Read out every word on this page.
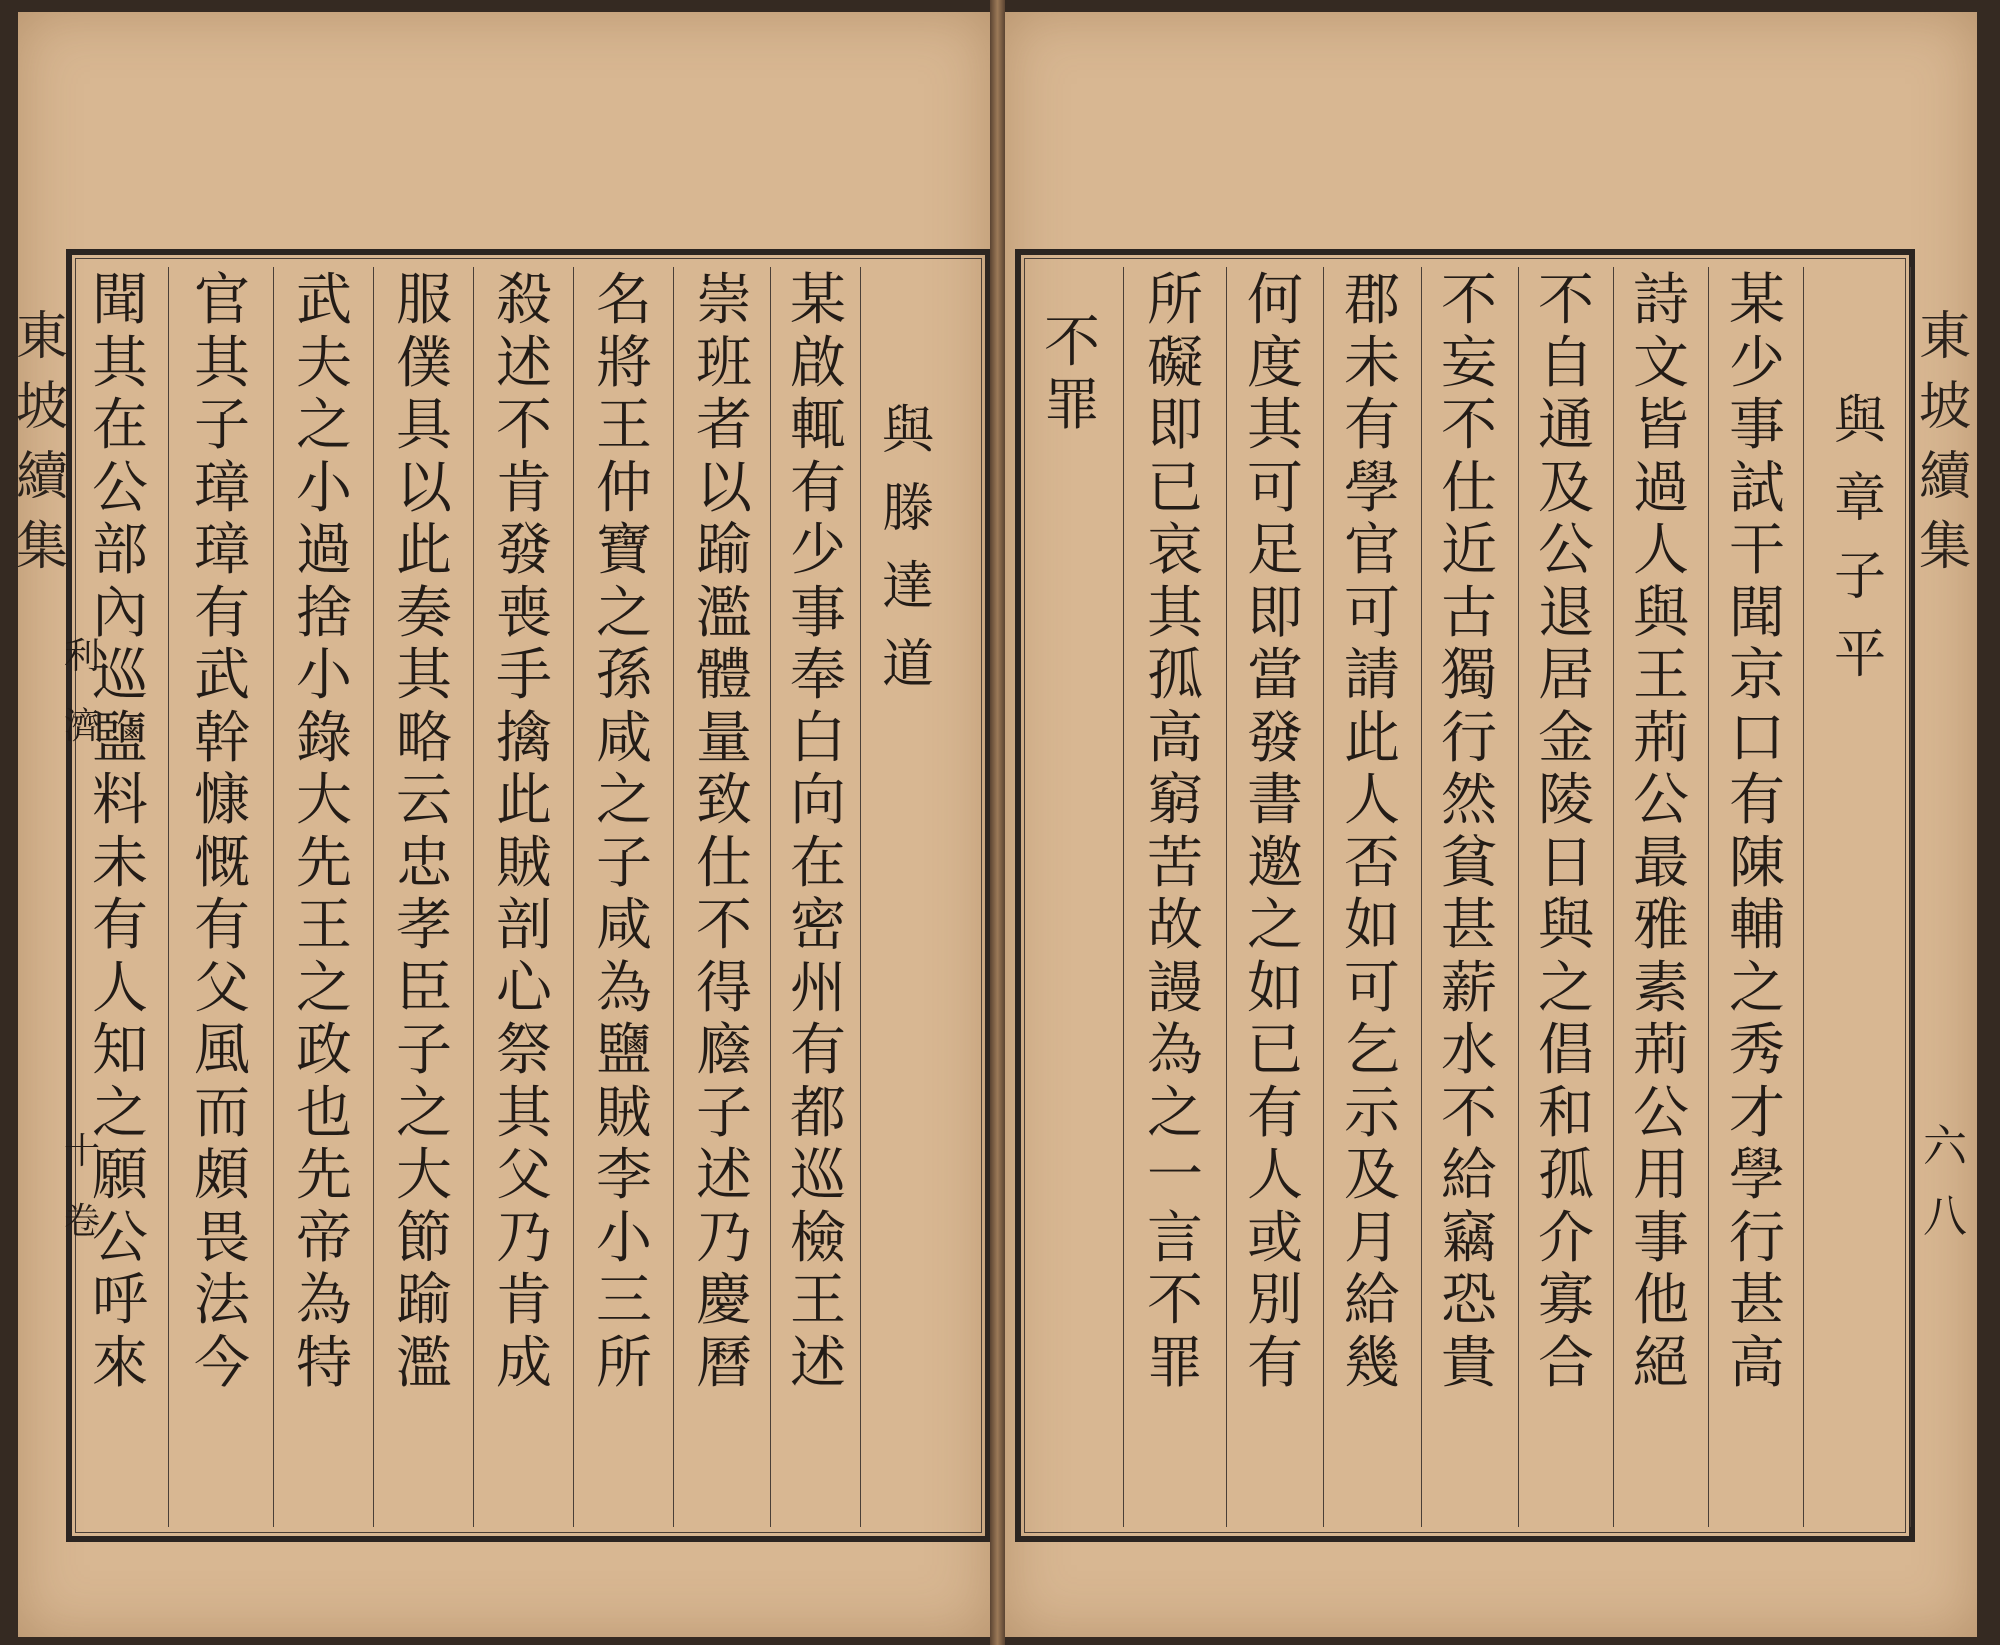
東
坡
續
集
利
濟
十
卷
與
滕
達
道
某
啟
輒
有
少
事
奉
白
向
在
密
州
有
都
巡
檢
王
述
崇
班
者
以
踰
濫
體
量
致
仕
不
得
廕
子
述
乃
慶
曆
名
將
王
仲
寶
之
孫
咸
之
子
咸
為
鹽
賊
李
小
三
所
殺
述
不
肯
發
喪
手
擒
此
賊
剖
心
祭
其
父
乃
肯
成
服
僕
具
以
此
奏
其
略
云
忠
孝
臣
子
之
大
節
踰
濫
武
夫
之
小
過
捨
小
錄
大
先
王
之
政
也
先
帝
為
特
官
其
子
璋
璋
有
武
幹
慷
慨
有
父
風
而
頗
畏
法
今
聞
其
在
公
部
內
巡
鹽
料
未
有
人
知
之
願
公
呼
來
東
坡
續
集
六
八
與
章
子
平
某
少
事
試
干
聞
京
口
有
陳
輔
之
秀
才
學
行
甚
高
詩
文
皆
過
人
與
王
荊
公
最
雅
素
荊
公
用
事
他
絕
不
自
通
及
公
退
居
金
陵
日
與
之
倡
和
孤
介
寡
合
不
妄
不
仕
近
古
獨
行
然
貧
甚
薪
水
不
給
竊
恐
貴
郡
未
有
學
官
可
請
此
人
否
如
可
乞
示
及
月
給
幾
何
度
其
可
足
即
當
發
書
邀
之
如
已
有
人
或
別
有
所
礙
即
已
哀
其
孤
高
窮
苦
故
謾
為
之
一
言
不
罪
不
罪
